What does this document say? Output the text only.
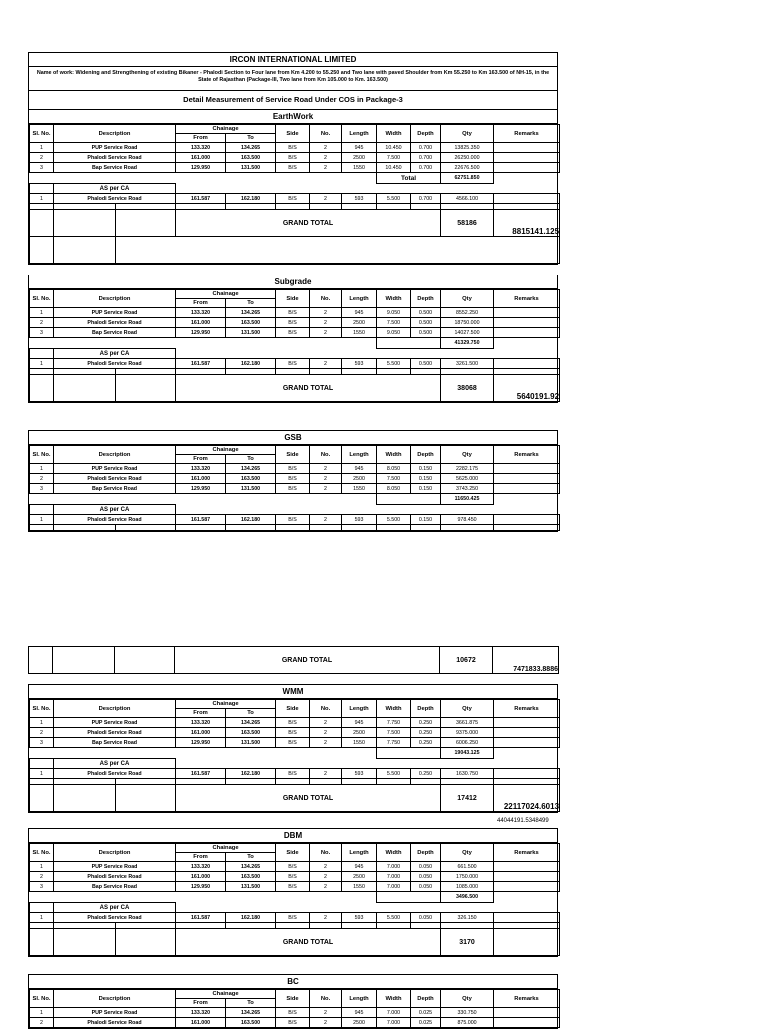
IRCON INTERNATIONAL LIMITED
Name of work: Widening and Strengthening of existing Bikaner - Phalodi Section to Four lane from Km 4.200 to 55.250 and Two lane with paved Shoulder from Km 55.250 to Km 163.500 of NH-15, in the State of Rajasthan (Package-III, Two lane from Km 105.000 to Km. 163.500)
Detail Measurement of Service Road Under COS in Package-3
EarthWork
Sl. No.	Description		Chainage		Side	No.	Length	Width	Depth	Qty	Remarks
			From	To							
1	PUP Service Road		133.320	134.265	B/S	2	945	10.450	0.700	13825.350	
2	Phalodi Service Road		161.000	163.500	B/S	2	2500	7.500	0.700	26250.000	
3	Bap Service Road		129.950	131.500	B/S	2	1550	10.450	0.700	22676.500	
								Total		62751.850	
	AS per CA										
1	Phalodi Service Road		161.587	162.180	B/S	2	593	5.500	0.700	4566.100	

			GRAND TOTAL							58186	8815141.125

Subgrade
Sl. No.	Description		Chainage		Side	No.	Length	Width	Depth	Qty	Remarks
			From	To							
1	PUP Service Road		133.320	134.265	B/S	2	945	9.050	0.500	8552.250	
2	Phalodi Service Road		161.000	163.500	B/S	2	2500	7.500	0.500	18750.000	
3	Bap Service Road		129.950	131.500	B/S	2	1550	9.050	0.500	14027.500	
										41329.750	
	AS per CA										
1	Phalodi Service Road		161.587	162.180	B/S	2	593	5.500	0.500	3261.500	

			GRAND TOTAL							38068	5640191.92
GSB
Sl. No.	Description		Chainage		Side	No.	Length	Width	Depth	Qty	Remarks
			From	To							
1	PUP Service Road		133.320	134.265	B/S	2	945	8.050	0.150	2282.175	
2	Phalodi Service Road		161.000	163.500	B/S	2	2500	7.500	0.150	5625.000	
3	Bap Service Road		129.950	131.500	B/S	2	1550	8.050	0.150	3743.250	
										11650.425	
	AS per CA										
1	Phalodi Service Road		161.587	162.180	B/S	2	593	5.500	0.150	978.450	

			GRAND TOTAL	10672	7471833.8886
WMM
Sl. No.	Description		Chainage		Side	No.	Length	Width	Depth	Qty	Remarks
			From	To							
1	PUP Service Road		133.320	134.265	B/S	2	945	7.750	0.250	3661.875	
2	Phalodi Service Road		161.000	163.500	B/S	2	2500	7.500	0.250	9375.000	
3	Bap Service Road		129.950	131.500	B/S	2	1550	7.750	0.250	6006.250	
										19043.125	
	AS per CA										
1	Phalodi Service Road		161.587	162.180	B/S	2	593	5.500	0.250	1630.750	

			GRAND TOTAL							17412	22117024.6013
44044191.5348499
DBM
Sl. No.	Description		Chainage		Side	No.	Length	Width	Depth	Qty	Remarks
			From	To							
1	PUP Service Road		133.320	134.265	B/S	2	945	7.000	0.050	661.500	
2	Phalodi Service Road		161.000	163.500	B/S	2	2500	7.000	0.050	1750.000	
3	Bap Service Road		129.950	131.500	B/S	2	1550	7.000	0.050	1085.000	
										3496.500	
	AS per CA										
1	Phalodi Service Road		161.587	162.180	B/S	2	593	5.500	0.050	326.150	

			GRAND TOTAL							3170	
BC
Sl. No.	Description	Chainage		Side	No.	Length	Width	Depth	Qty	Remarks
		From	To							
1	PUP Service Road	133.320	134.265	B/S	2	945	7.000	0.025	330.750	
2	Phalodi Service Road	161.000	163.500	B/S	2	2500	7.000	0.025	875.000	
